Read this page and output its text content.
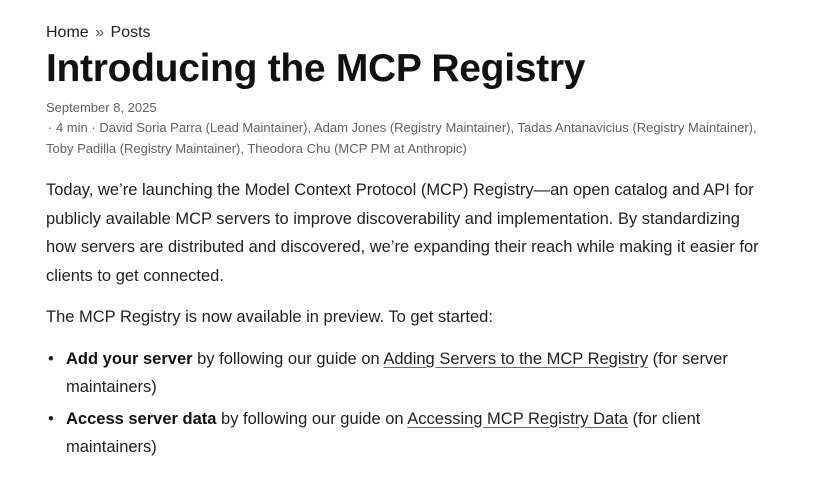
Home » Posts
Introducing the MCP Registry
September 8, 2025
· 4 min · David Soria Parra (Lead Maintainer), Adam Jones (Registry Maintainer), Tadas Antanavicius (Registry Maintainer), Toby Padilla (Registry Maintainer), Theodora Chu (MCP PM at Anthropic)

Today, we’re launching the Model Context Protocol (MCP) Registry—an open catalog and API for publicly available MCP servers to improve discoverability and implementation. By standardizing how servers are distributed and discovered, we’re expanding their reach while making it easier for clients to get connected.

The MCP Registry is now available in preview. To get started:

• Add your server by following our guide on Adding Servers to the MCP Registry (for server maintainers)
• Access server data by following our guide on Accessing MCP Registry Data (for client maintainers)
